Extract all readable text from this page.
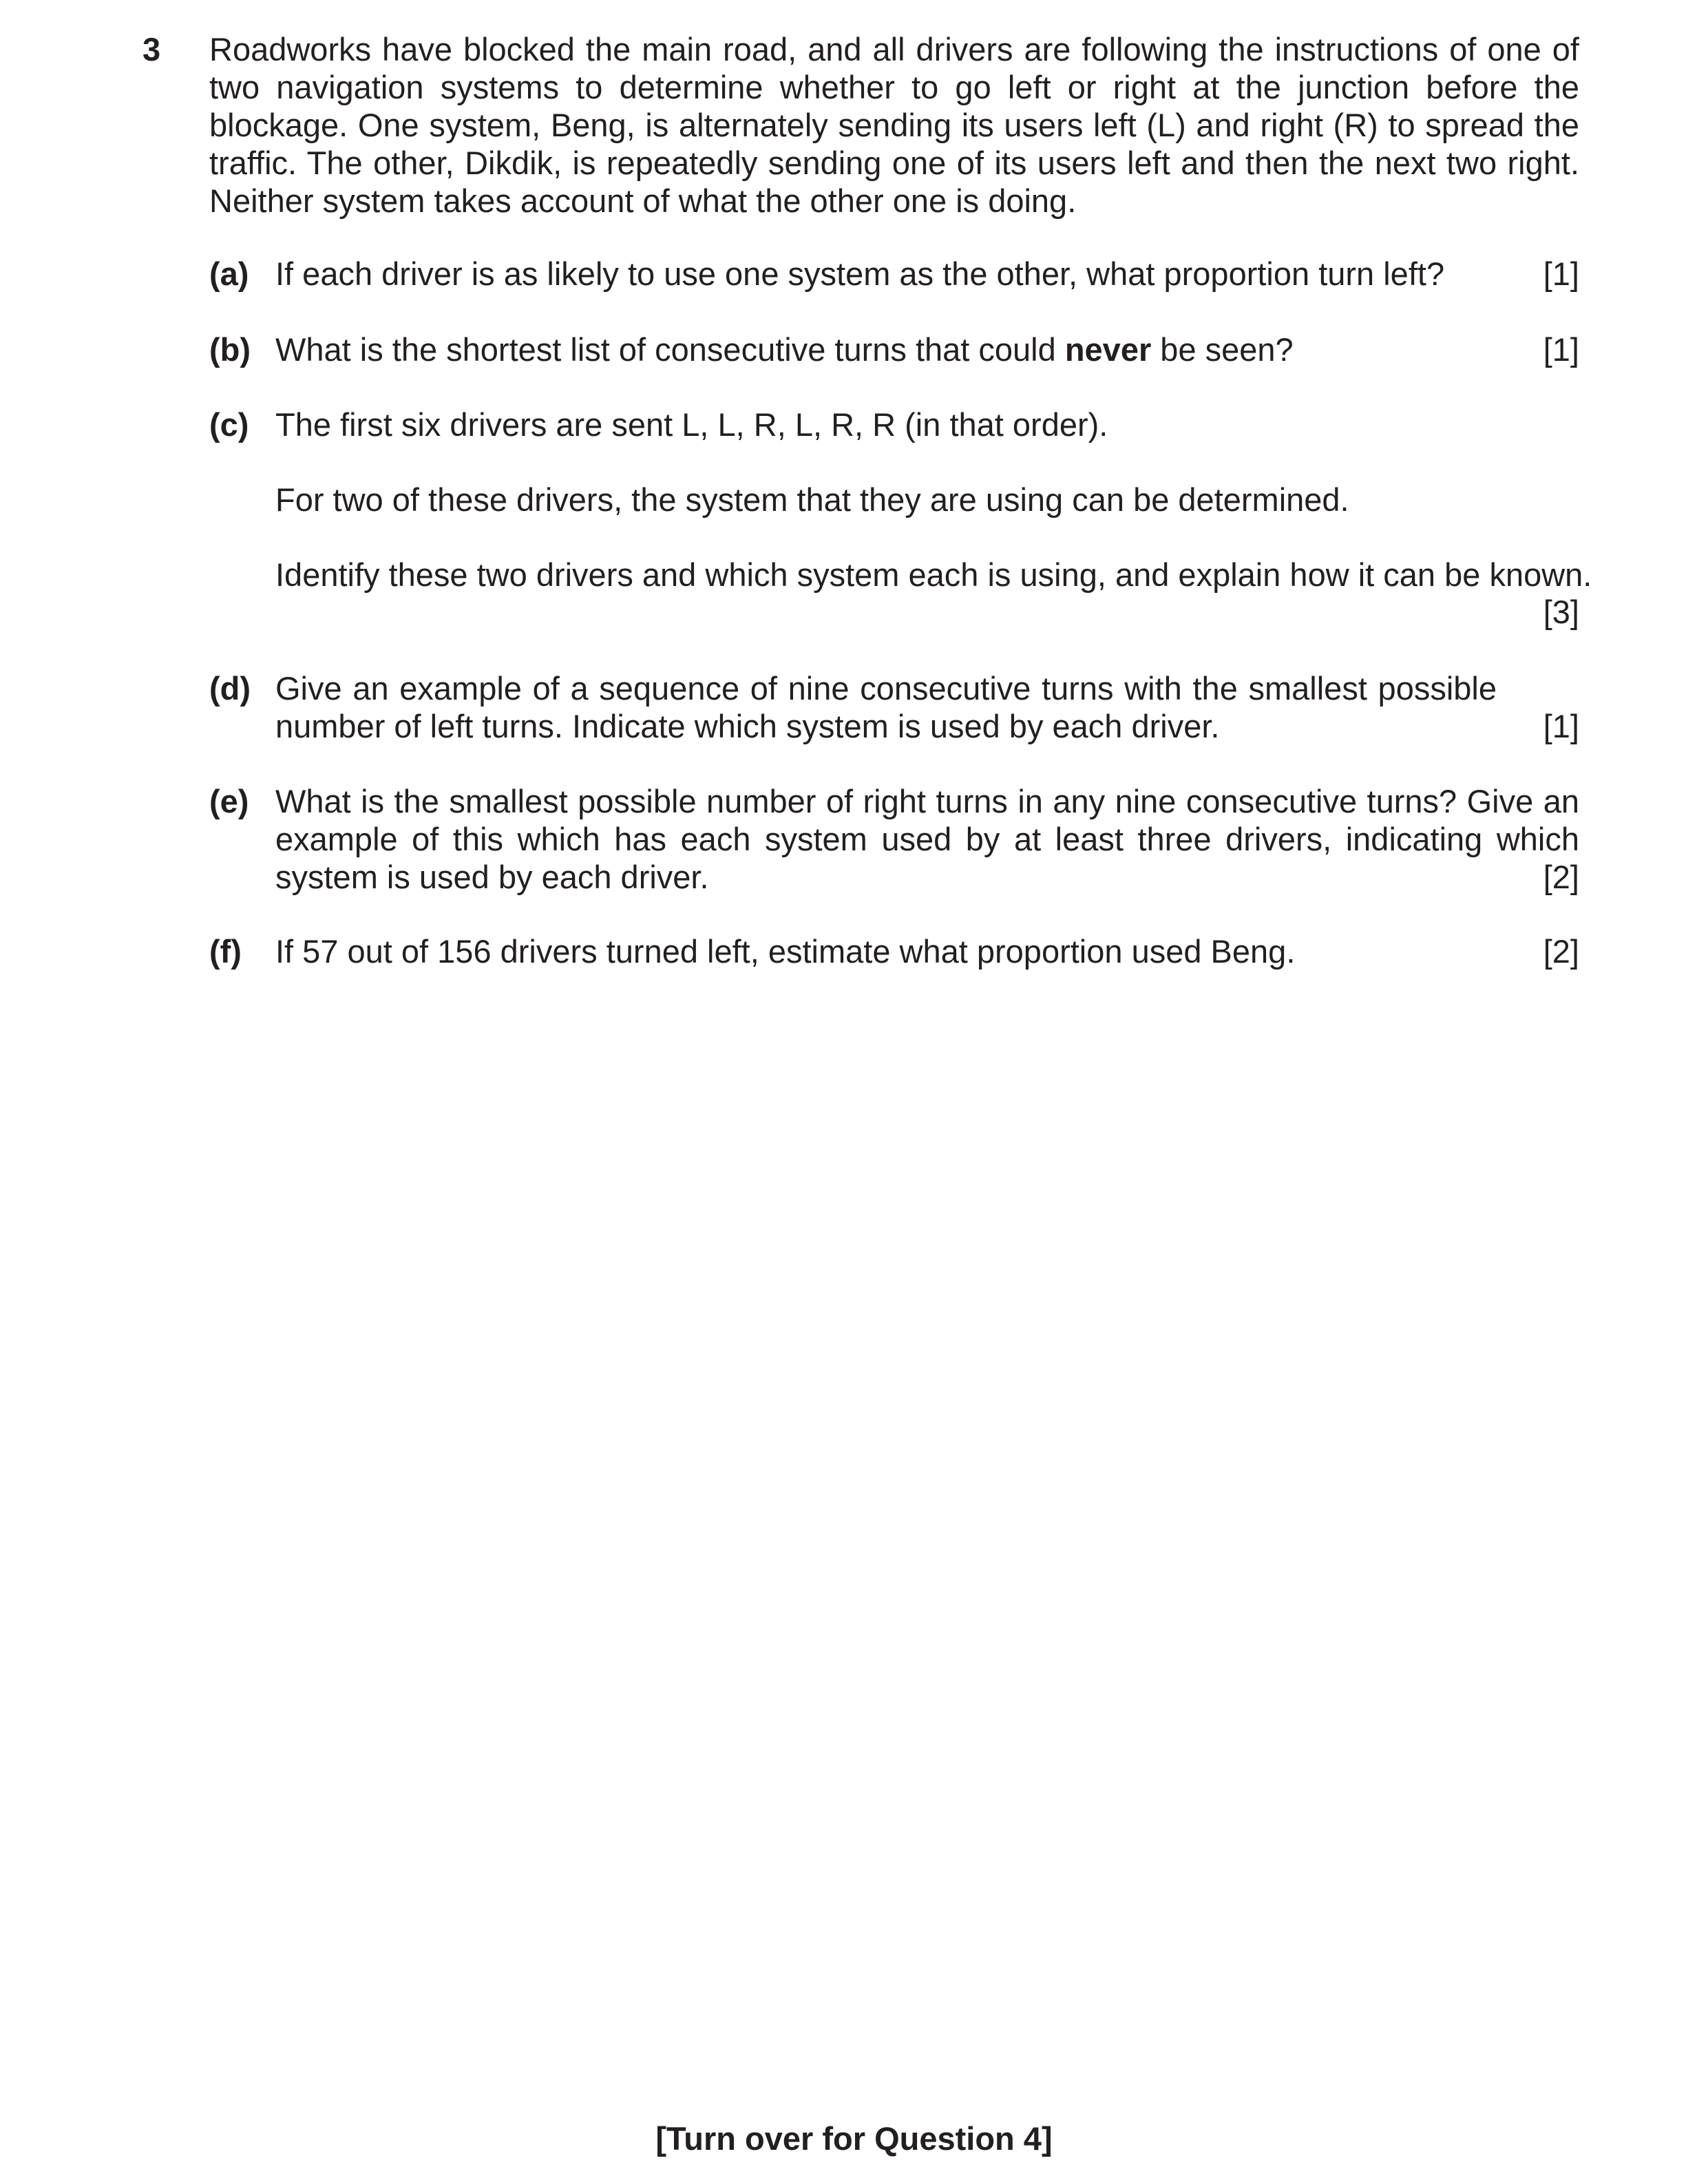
3	Roadworks have blocked the main road, and all drivers are following the instructions of one of two navigation systems to determine whether to go left or right at the junction before the blockage. One system, Beng, is alternately sending its users left (L) and right (R) to spread the traffic. The other, Dikdik, is repeatedly sending one of its users left and then the next two right. Neither system takes account of what the other one is doing.
(a) If each driver is as likely to use one system as the other, what proportion turn left?	[1]
(b) What is the shortest list of consecutive turns that could never be seen?	[1]
(c) The first six drivers are sent L, L, R, L, R, R (in that order).
For two of these drivers, the system that they are using can be determined.
Identify these two drivers and which system each is using, and explain how it can be known.
[3]
(d) Give an example of a sequence of nine consecutive turns with the smallest possible number of left turns. Indicate which system is used by each driver.	[1]
(e) What is the smallest possible number of right turns in any nine consecutive turns? Give an example of this which has each system used by at least three drivers, indicating which system is used by each driver.	[2]
(f) If 57 out of 156 drivers turned left, estimate what proportion used Beng.	[2]
[Turn over for Question 4]
